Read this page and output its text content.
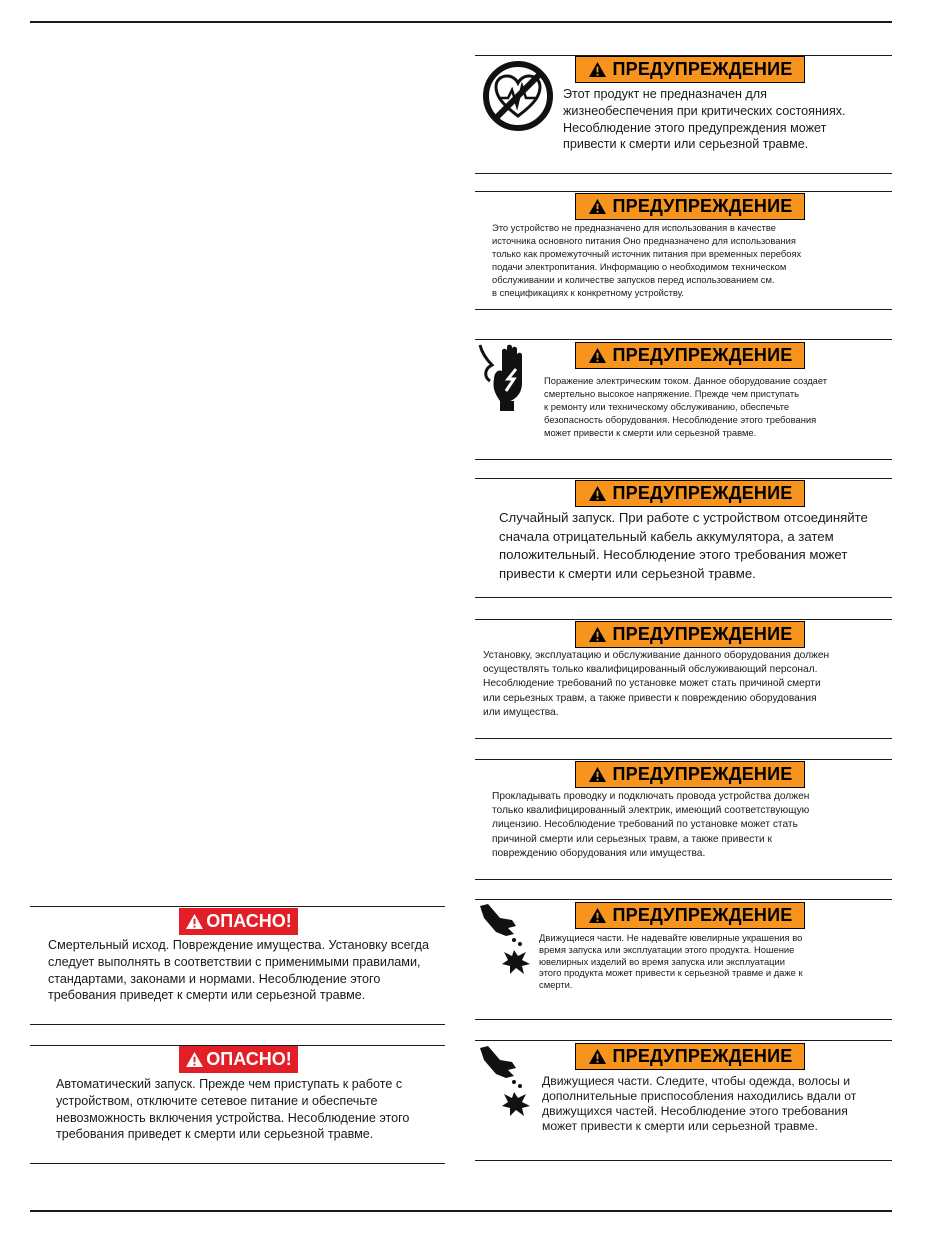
ПРЕДУПРЕЖДЕНИЕ
Этот продукт не предназначен для
жизнеобеспечения при критических состояниях.
Несоблюдение этого предупреждения может
привести к смерти или серьезной травме.
ПРЕДУПРЕЖДЕНИЕ
Это устройство не предназначено для использования в качестве
источника основного питания Оно предназначено для использования
только как промежуточный источник питания при временных перебоях
подачи электропитания. Информацию о необходимом техническом
обслуживании и количестве запусков перед использованием см.
в спецификациях к конкретному устройству.
ПРЕДУПРЕЖДЕНИЕ
Поражение электрическим током. Данное оборудование создает
смертельно высокое напряжение. Прежде чем приступать
к ремонту или техническому обслуживанию, обеспечьте
безопасность оборудования. Несоблюдение этого требования
может привести к смерти или серьезной травме.
ПРЕДУПРЕЖДЕНИЕ
Случайный запуск. При работе с устройством отсоединяйте
сначала отрицательный кабель аккумулятора, а затем
положительный. Несоблюдение этого требования может
привести к смерти или серьезной травме.
ПРЕДУПРЕЖДЕНИЕ
Установку, эксплуатацию и обслуживание данного оборудования должен
осуществлять только квалифицированный обслуживающий персонал.
Несоблюдение требований по установке может стать причиной смерти
или серьезных травм, а также привести к повреждению оборудования
или имущества.
ПРЕДУПРЕЖДЕНИЕ
Прокладывать проводку и подключать провода устройства должен
только квалифицированный электрик, имеющий соответствующую
лицензию. Несоблюдение требований по установке может стать
причиной смерти или серьезных травм, а также привести к
повреждению оборудования или имущества.
ПРЕДУПРЕЖДЕНИЕ
Движущиеся части. Не надевайте ювелирные украшения во
время запуска или эксплуатации этого продукта. Ношение
ювелирных изделий во время запуска или эксплуатации
этого продукта может привести к серьезной травме и даже к
смерти.
ПРЕДУПРЕЖДЕНИЕ
Движущиеся части. Следите, чтобы одежда, волосы и
дополнительные приспособления находились вдали от
движущихся частей. Несоблюдение этого требования
может привести к смерти или серьезной травме.
ОПАСНО!
Смертельный исход. Повреждение имущества. Установку всегда
следует выполнять в соответствии с применимыми правилами,
стандартами, законами и нормами. Несоблюдение этого
требования приведет к смерти или серьезной травме.
ОПАСНО!
Автоматический запуск. Прежде чем приступать к работе с
устройством, отключите сетевое питание и обеспечьте
невозможность включения устройства. Несоблюдение этого
требования приведет к смерти или серьезной травме.
